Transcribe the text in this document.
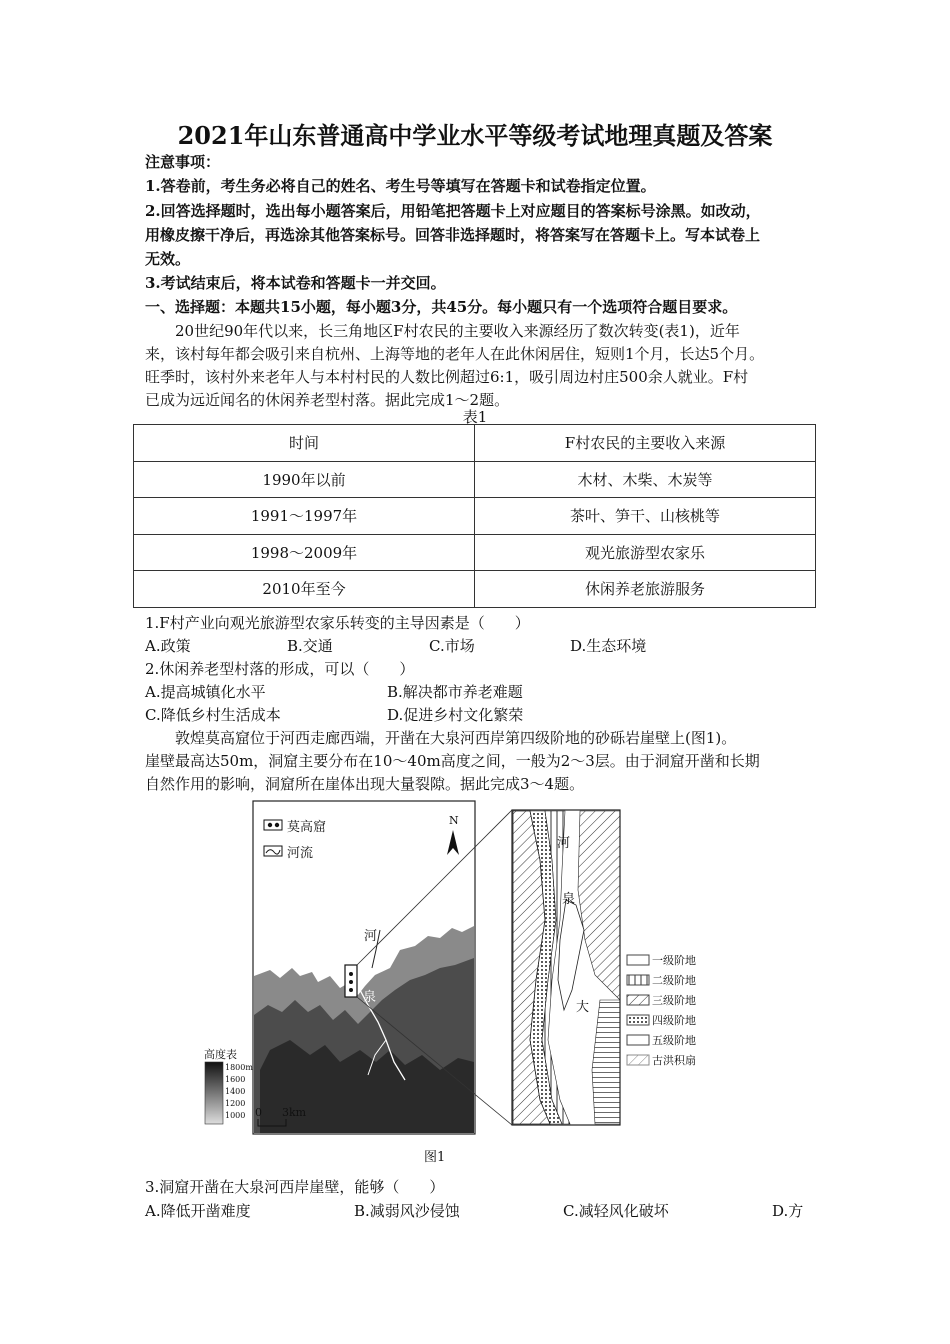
2021年山东普通高中学业水平等级考试地理真题及答案
注意事项：
1.答卷前，考生务必将自己的姓名、考生号等填写在答题卡和试卷指定位置。
2.回答选择题时，选出每小题答案后，用铅笔把答题卡上对应题目的答案标号涂黑。如改动，
用橡皮擦干净后，再选涂其他答案标号。回答非选择题时，将答案写在答题卡上。写本试卷上
无效。
3.考试结束后，将本试卷和答题卡一并交回。
一、选择题：本题共15小题，每小题3分，共45分。每小题只有一个选项符合题目要求。
20世纪90年代以来，长三角地区F村农民的主要收入来源经历了数次转变(表1)，近年
来，该村每年都会吸引来自杭州、上海等地的老年人在此休闲居住，短则1个月，长达5个月。
旺季时，该村外来老年人与本村村民的人数比例超过6:1，吸引周边村庄500余人就业。F村
已成为远近闻名的休闲养老型村落。据此完成1～2题。
表1
时间	F村农民的主要收入来源
1990年以前	木材、木柴、木炭等
1991～1997年	茶叶、笋干、山核桃等
1998～2009年	观光旅游型农家乐
2010年至今	休闲养老旅游服务
1.F村产业向观光旅游型农家乐转变的主导因素是（　　）
A.政策	B.交通	C.市场	D.生态环境
2.休闲养老型村落的形成，可以（　　）
A.提高城镇化水平	B.解决都市养老难题
C.降低乡村生活成本	D.促进乡村文化繁荣
敦煌莫高窟位于河西走廊西端，开凿在大泉河西岸第四级阶地的砂砾岩崖壁上(图1)。
崖壁最高达50m，洞窟主要分布在10～40m高度之间，一般为2～3层。由于洞窟开凿和长期
自然作用的影响，洞窟所在崖体出现大量裂隙。据此完成3～4题。
莫高窟
河流
N
河
泉
高度表
1800m
1600
1400
1200
1000 0 3km
河
泉
大
一级阶地
二级阶地
三级阶地
四级阶地
五级阶地
古洪积扇
图1
3.洞窟开凿在大泉河西岸崖壁，能够（　　）
A.降低开凿难度	B.减弱风沙侵蚀	C.减轻风化破坏	D.方
